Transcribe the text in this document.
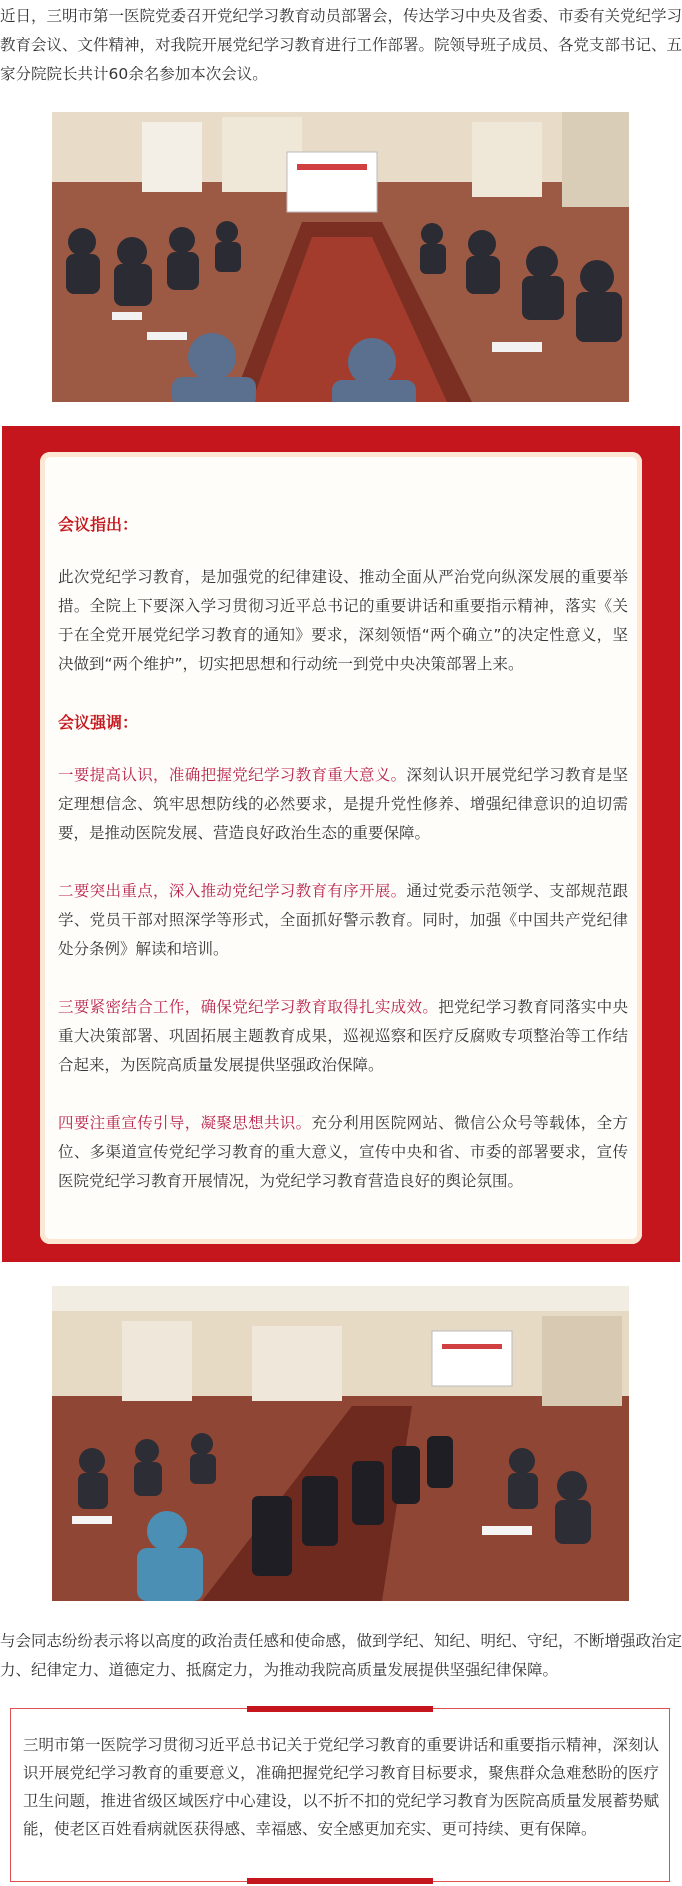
近日，三明市第一医院党委召开党纪学习教育动员部署会，传达学习中央及省委、市委有关党纪学习教育会议、文件精神，对我院开展党纪学习教育进行工作部署。院领导班子成员、各党支部书记、五家分院院长共计60余名参加本次会议。
会议指出：
此次党纪学习教育，是加强党的纪律建设、推动全面从严治党向纵深发展的重要举措。全院上下要深入学习贯彻习近平总书记的重要讲话和重要指示精神，落实《关于在全党开展党纪学习教育的通知》要求，深刻领悟“两个确立”的决定性意义，坚决做到“两个维护”，切实把思想和行动统一到党中央决策部署上来。
会议强调：
一要提高认识，准确把握党纪学习教育重大意义。深刻认识开展党纪学习教育是坚定理想信念、筑牢思想防线的必然要求，是提升党性修养、增强纪律意识的迫切需要，是推动医院发展、营造良好政治生态的重要保障。
二要突出重点，深入推动党纪学习教育有序开展。通过党委示范领学、支部规范跟学、党员干部对照深学等形式，全面抓好警示教育。同时，加强《中国共产党纪律处分条例》解读和培训。
三要紧密结合工作，确保党纪学习教育取得扎实成效。把党纪学习教育同落实中央重大决策部署、巩固拓展主题教育成果，巡视巡察和医疗反腐败专项整治等工作结合起来，为医院高质量发展提供坚强政治保障。
四要注重宣传引导，凝聚思想共识。充分利用医院网站、微信公众号等载体，全方位、多渠道宣传党纪学习教育的重大意义，宣传中央和省、市委的部署要求，宣传医院党纪学习教育开展情况，为党纪学习教育营造良好的舆论氛围。
与会同志纷纷表示将以高度的政治责任感和使命感，做到学纪、知纪、明纪、守纪，不断增强政治定力、纪律定力、道德定力、抵腐定力，为推动我院高质量发展提供坚强纪律保障。
三明市第一医院学习贯彻习近平总书记关于党纪学习教育的重要讲话和重要指示精神，深刻认识开展党纪学习教育的重要意义，准确把握党纪学习教育目标要求，聚焦群众急难愁盼的医疗卫生问题，推进省级区域医疗中心建设，以不折不扣的党纪学习教育为医院高质量发展蓄势赋能，使老区百姓看病就医获得感、幸福感、安全感更加充实、更可持续、更有保障。
